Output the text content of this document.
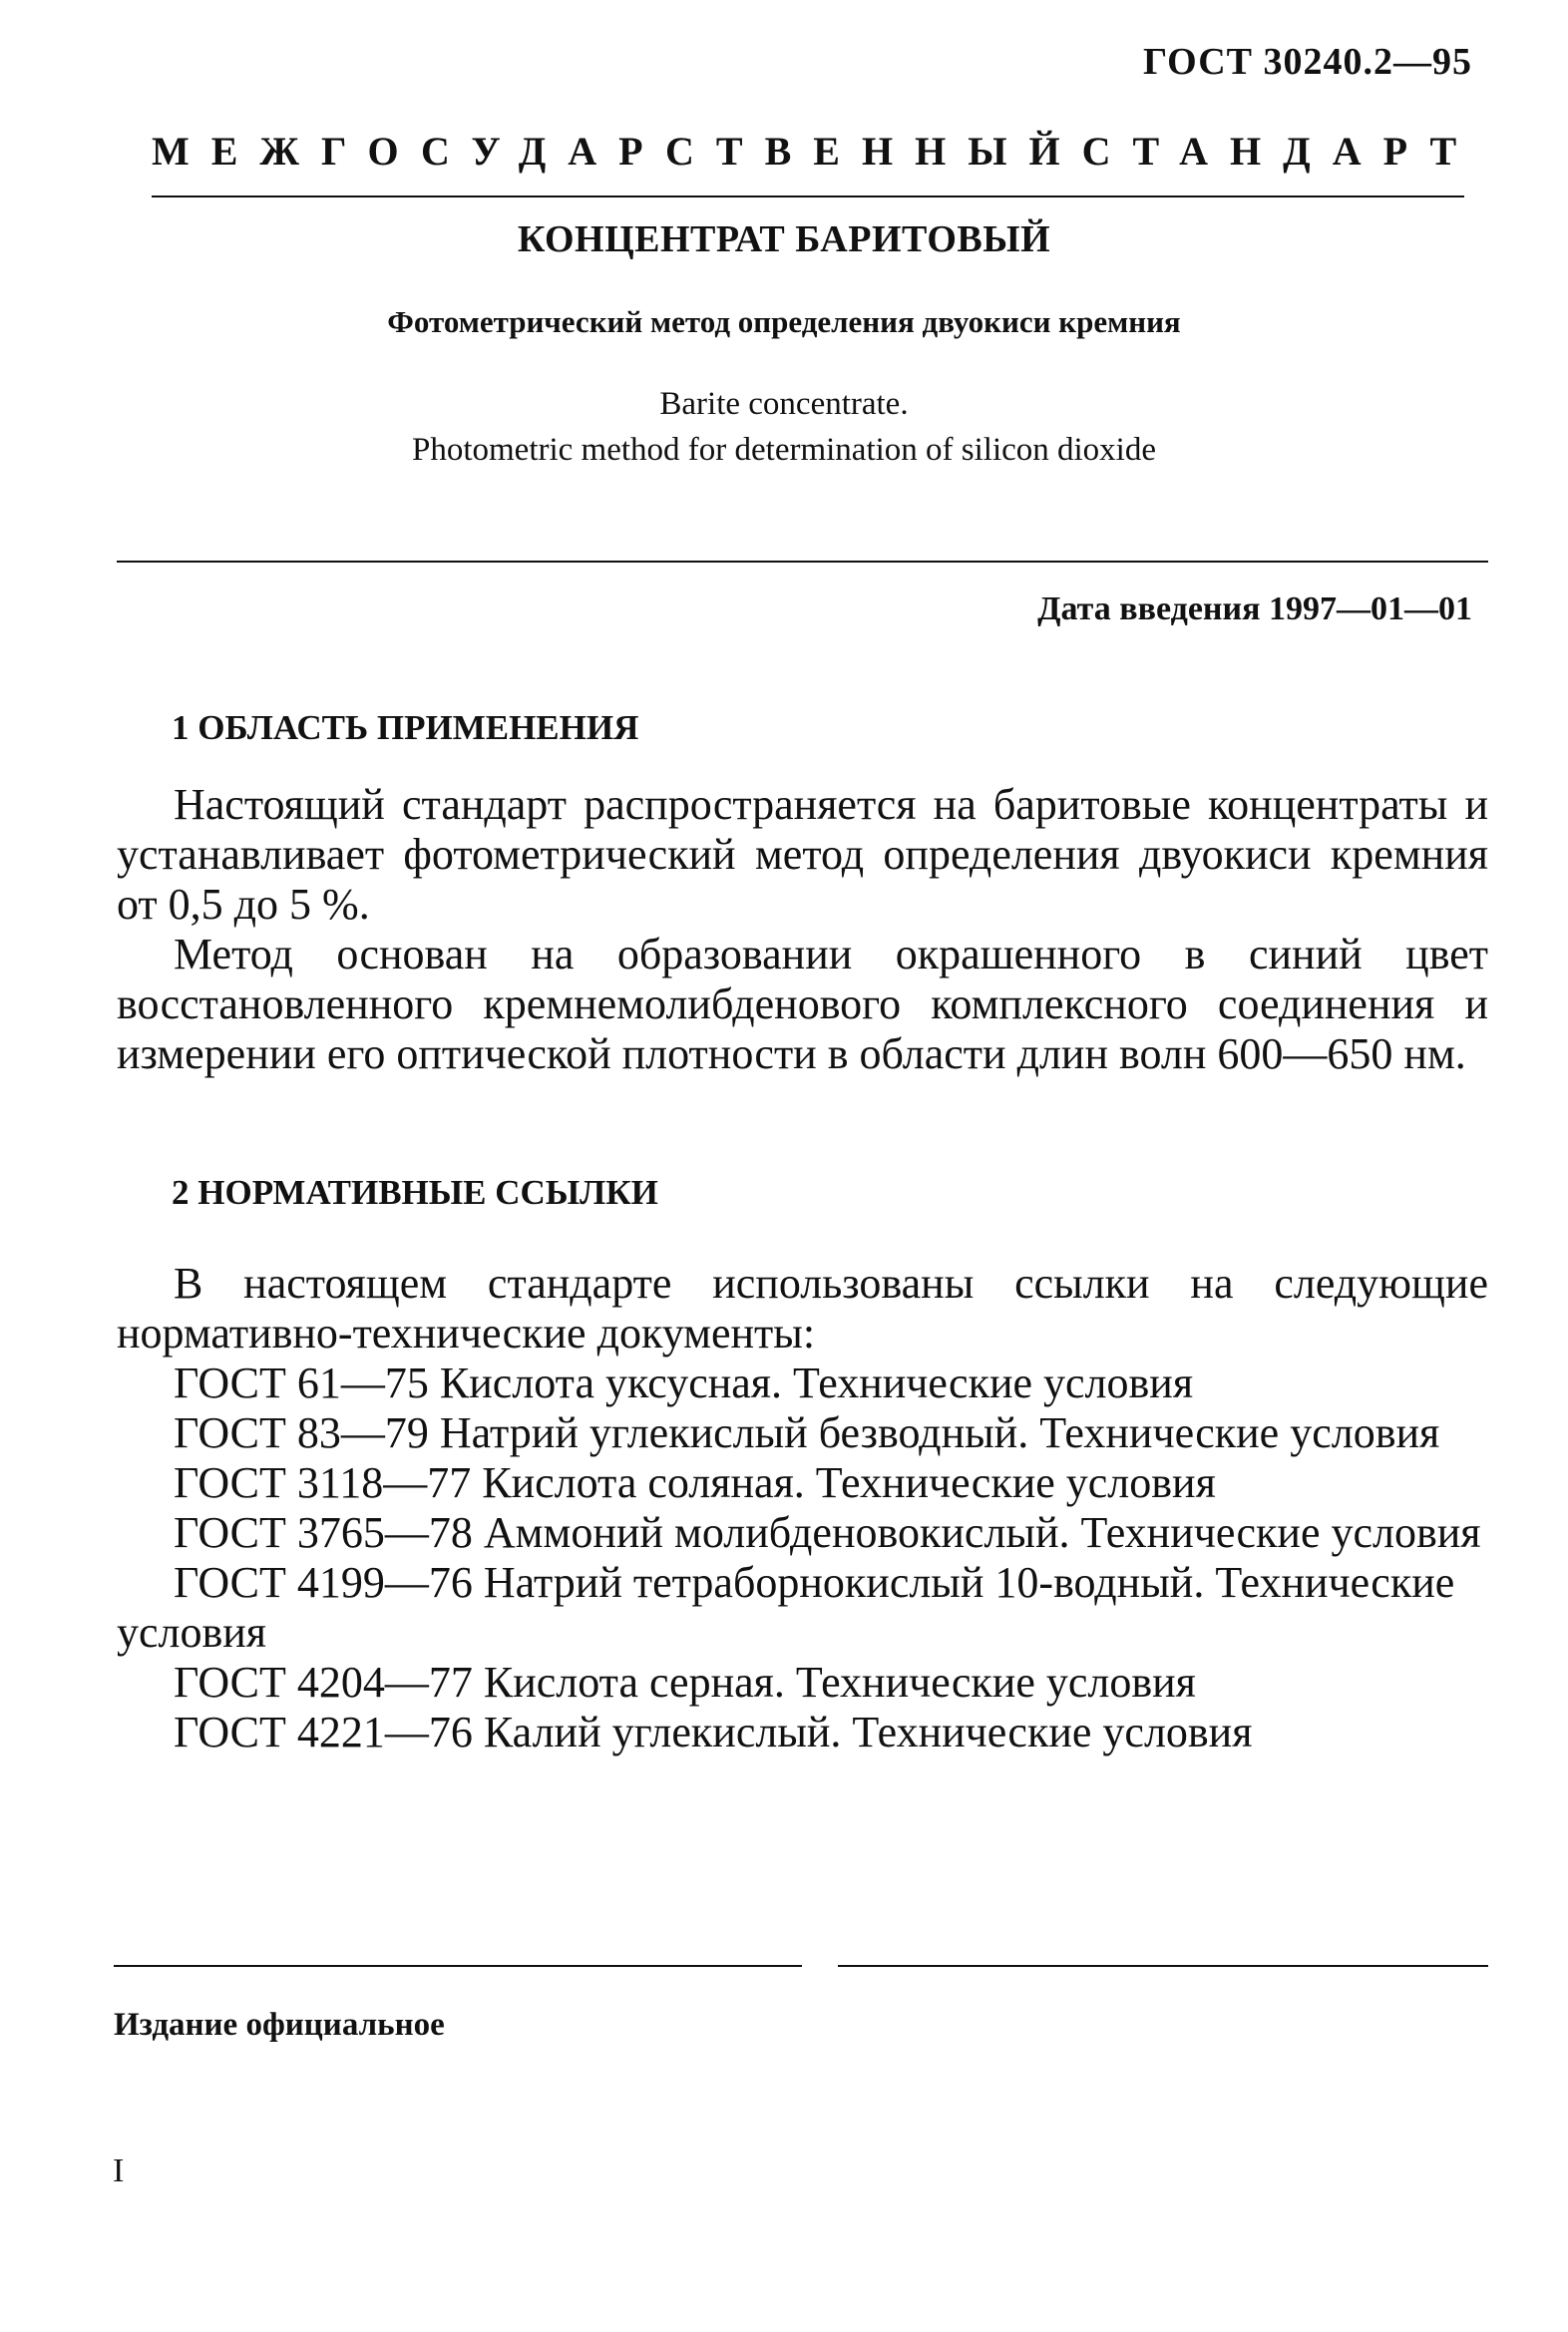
ГОСТ 30240.2—95
МЕЖГОСУДАРСТВЕННЫЙ СТАНДАРТ
КОНЦЕНТРАТ БАРИТОВЫЙ
Фотометрический метод определения двуокиси кремния
Barite concentrate.
Photometric method for determination of silicon dioxide
Дата введения 1997—01—01
1 ОБЛАСТЬ ПРИМЕНЕНИЯ

Настоящий стандарт распространяется на баритовые концентраты и устанавливает фотометрический метод определения двуокиси кремния от 0,5 до 5 %.

Метод основан на образовании окрашенного в синий цвет восстановленного кремнемолибденового комплексного соединения и измерении его оптической плотности в области длин волн 600—650 нм.

2 НОРМАТИВНЫЕ ССЫЛКИ

В настоящем стандарте использованы ссылки на следующие нормативно-технические документы:

ГОСТ 61—75 Кислота уксусная. Технические условия
ГОСТ 83—79 Натрий углекислый безводный. Технические условия
ГОСТ 3118—77 Кислота соляная. Технические условия
ГОСТ 3765—78 Аммоний молибденовокислый. Технические условия
ГОСТ 4199—76 Натрий тетраборнокислый 10-водный. Технические условия
ГОСТ 4204—77 Кислота серная. Технические условия
ГОСТ 4221—76 Калий углекислый. Технические условия
Издание официальное
I
